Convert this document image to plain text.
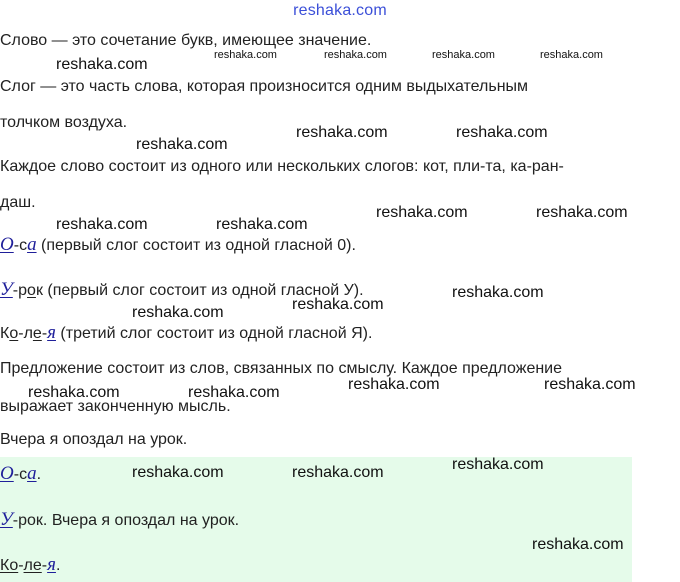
reshaka.com
Слово — это сочетание букв, имеющее значение.
Слог — это часть слова, которая произносится одним выдыхательным
толчком воздуха.
Каждое слово состоит из одного или нескольких слогов: кот, пли-та, ка-ран-
даш.
О-са (первый слог состоит из одной гласной 0).
У-рок (первый слог состоит из одной гласной У).
Ко-ле-я (третий слог состоит из одной гласной Я).
Предложение состоит из слов, связанных по смыслу. Каждое предложение
выражает законченную мысль.
Вчера я опоздал на урок.
О-са.
У-рок. Вчера я опоздал на урок.
Ко-ле-я.
reshaka.com	reshaka.com	reshaka.com	reshaka.com
reshaka.com
reshaka.com	reshaka.com
reshaka.com
reshaka.com	reshaka.com
reshaka.com	reshaka.com
reshaka.com
reshaka.com
reshaka.com
reshaka.com	reshaka.com
reshaka.com	reshaka.com
reshaka.com
reshaka.com	reshaka.com
reshaka.com
